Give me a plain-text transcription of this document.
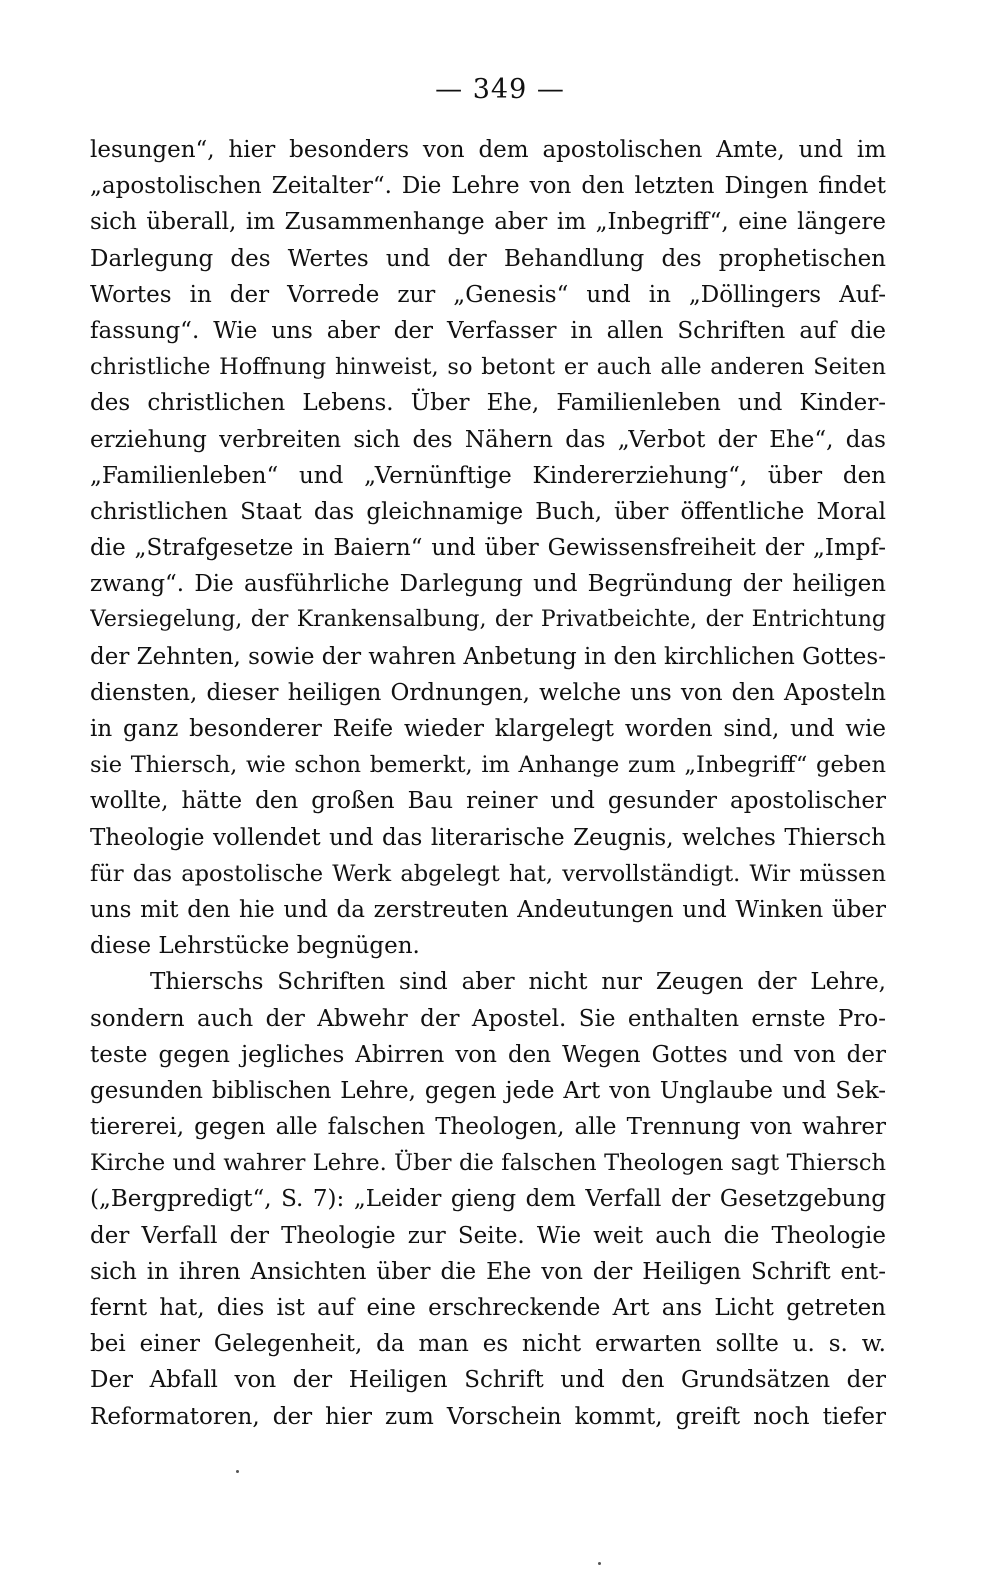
— 349 —
lesungen“, hier besonders von dem apostolischen Amte, und im
„apostolischen Zeitalter“. Die Lehre von den letzten Dingen findet
sich überall, im Zusammenhange aber im „Inbegriff“, eine längere
Darlegung des Wertes und der Behandlung des prophetischen
Wortes in der Vorrede zur „Genesis“ und in „Döllingers Auf-
fassung“. Wie uns aber der Verfasser in allen Schriften auf die
christliche Hoffnung hinweist, so betont er auch alle anderen Seiten
des christlichen Lebens. Über Ehe, Familienleben und Kinder-
erziehung verbreiten sich des Nähern das „Verbot der Ehe“, das
„Familienleben“ und „Vernünftige Kindererziehung“, über den
christlichen Staat das gleichnamige Buch, über öffentliche Moral
die „Strafgesetze in Baiern“ und über Gewissensfreiheit der „Impf-
zwang“. Die ausführliche Darlegung und Begründung der heiligen
Versiegelung, der Krankensalbung, der Privatbeichte, der Entrichtung
der Zehnten, sowie der wahren Anbetung in den kirchlichen Gottes-
diensten, dieser heiligen Ordnungen, welche uns von den Aposteln
in ganz besonderer Reife wieder klargelegt worden sind, und wie
sie Thiersch, wie schon bemerkt, im Anhange zum „Inbegriff“ geben
wollte, hätte den großen Bau reiner und gesunder apostolischer
Theologie vollendet und das literarische Zeugnis, welches Thiersch
für das apostolische Werk abgelegt hat, vervollständigt. Wir müssen
uns mit den hie und da zerstreuten Andeutungen und Winken über
diese Lehrstücke begnügen.
Thierschs Schriften sind aber nicht nur Zeugen der Lehre,
sondern auch der Abwehr der Apostel. Sie enthalten ernste Pro-
teste gegen jegliches Abirren von den Wegen Gottes und von der
gesunden biblischen Lehre, gegen jede Art von Unglaube und Sek-
tiererei, gegen alle falschen Theologen, alle Trennung von wahrer
Kirche und wahrer Lehre. Über die falschen Theologen sagt Thiersch
(„Bergpredigt“, S. 7): „Leider gieng dem Verfall der Gesetzgebung
der Verfall der Theologie zur Seite. Wie weit auch die Theologie
sich in ihren Ansichten über die Ehe von der Heiligen Schrift ent-
fernt hat, dies ist auf eine erschreckende Art ans Licht getreten
bei einer Gelegenheit, da man es nicht erwarten sollte u. s. w.
Der Abfall von der Heiligen Schrift und den Grundsätzen der
Reformatoren, der hier zum Vorschein kommt, greift noch tiefer
